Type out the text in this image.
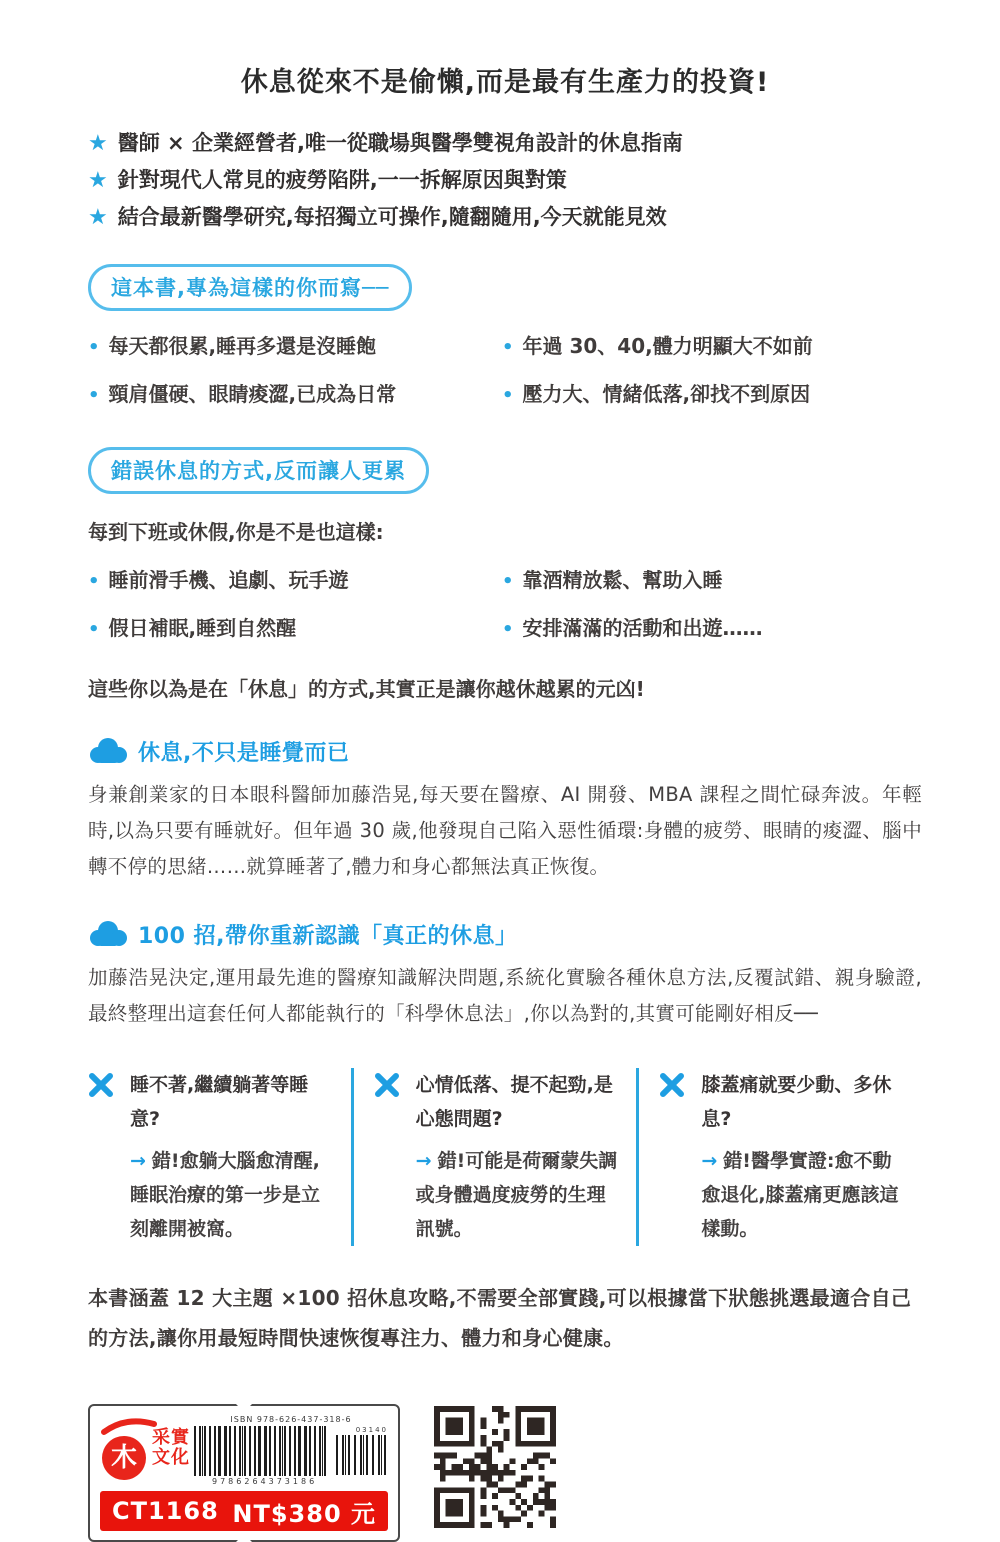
休息從來不是偷懶,而是最有生產力的投資!
★ 醫師 × 企業經營者,唯一從職場與醫學雙視角設計的休息指南
★ 針對現代人常見的疲勞陷阱,一一拆解原因與對策
★ 結合最新醫學研究,每招獨立可操作,隨翻隨用,今天就能見效
這本書,專為這樣的你而寫──
• 每天都很累,睡再多還是沒睡飽
• 頸肩僵硬、眼睛痠澀,已成為日常
• 年過 30、40,體力明顯大不如前
• 壓力大、情緒低落,卻找不到原因
錯誤休息的方式,反而讓人更累
每到下班或休假,你是不是也這樣:
• 睡前滑手機、追劇、玩手遊
• 假日補眠,睡到自然醒
• 靠酒精放鬆、幫助入睡
• 安排滿滿的活動和出遊……
這些你以為是在「休息」的方式,其實正是讓你越休越累的元凶!
休息,不只是睡覺而已

身兼創業家的日本眼科醫師加藤浩晃,每天要在醫療、AI 開發、MBA 課程之間忙碌奔波。年輕時,以為只要有睡就好。但年過 30 歲,他發現自己陷入惡性循環:身體的疲勞、眼睛的痠澀、腦中轉不停的思緒……就算睡著了,體力和身心都無法真正恢復。

100 招,帶你重新認識「真正的休息」

加藤浩晃決定,運用最先進的醫療知識解決問題,系統化實驗各種休息方法,反覆試錯、親身驗證,最終整理出這套任何人都能執行的「科學休息法」,你以為對的,其實可能剛好相反──

睡不著,繼續躺著等睡意?
→ 錯!愈躺大腦愈清醒,睡眠治療的第一步是立刻離開被窩。
心情低落、提不起勁,是心態問題?
→ 錯!可能是荷爾蒙失調或身體過度疲勞的生理訊號。
膝蓋痛就要少動、多休息?
→ 錯!醫學實證:愈不動愈退化,膝蓋痛更應該這樣動。

本書涵蓋 12 大主題 ×100 招休息攻略,不需要全部實踐,可以根據當下狀態挑選最適合自己的方法,讓你用最短時間快速恢復專注力、體力和身心健康。

木
采實
文化
ISBN 978-626-437-318-6
03140
9786264373186
CT1168 NT$380 元
